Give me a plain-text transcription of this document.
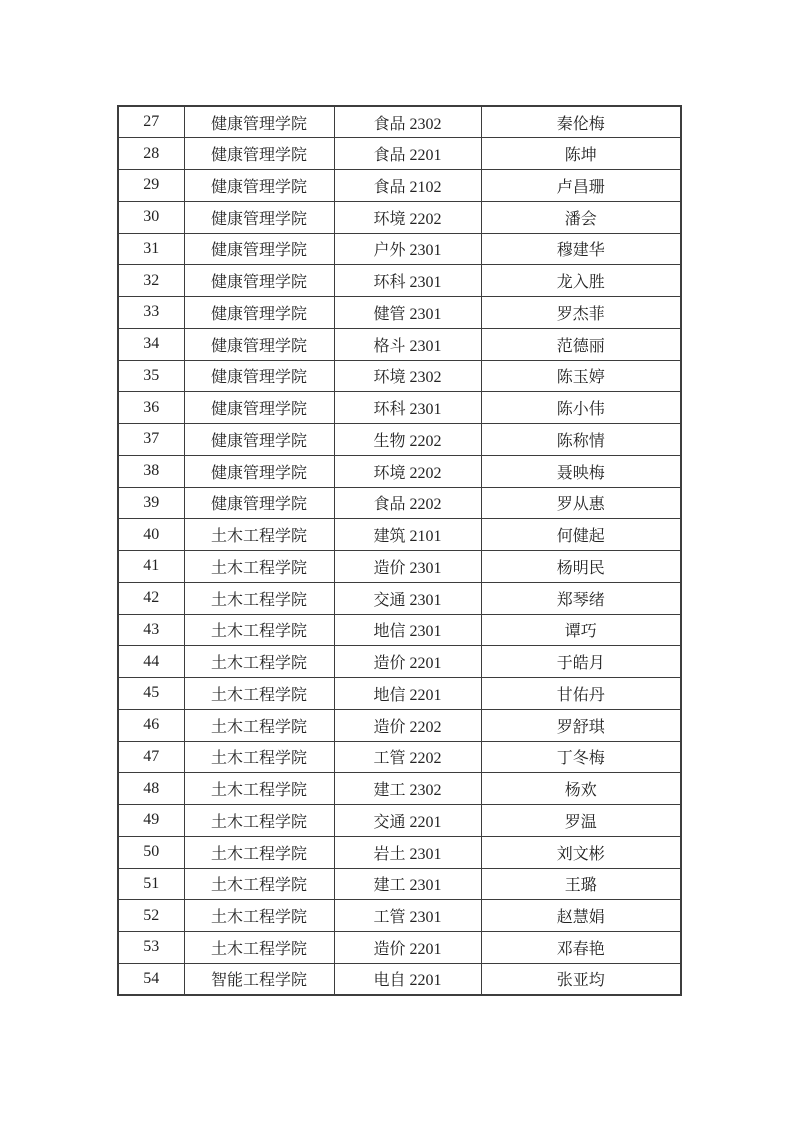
27	健康管理学院	食品 2302	秦伦梅
28	健康管理学院	食品 2201	陈坤
29	健康管理学院	食品 2102	卢昌珊
30	健康管理学院	环境 2202	潘会
31	健康管理学院	户外 2301	穆建华
32	健康管理学院	环科 2301	龙入胜
33	健康管理学院	健管 2301	罗杰菲
34	健康管理学院	格斗 2301	范德丽
35	健康管理学院	环境 2302	陈玉婷
36	健康管理学院	环科 2301	陈小伟
37	健康管理学院	生物 2202	陈称情
38	健康管理学院	环境 2202	聂映梅
39	健康管理学院	食品 2202	罗从惠
40	土木工程学院	建筑 2101	何健起
41	土木工程学院	造价 2301	杨明民
42	土木工程学院	交通 2301	郑琴绪
43	土木工程学院	地信 2301	谭巧
44	土木工程学院	造价 2201	于皓月
45	土木工程学院	地信 2201	甘佑丹
46	土木工程学院	造价 2202	罗舒琪
47	土木工程学院	工管 2202	丁冬梅
48	土木工程学院	建工 2302	杨欢
49	土木工程学院	交通 2201	罗温
50	土木工程学院	岩土 2301	刘文彬
51	土木工程学院	建工 2301	王璐
52	土木工程学院	工管 2301	赵慧娟
53	土木工程学院	造价 2201	邓春艳
54	智能工程学院	电自 2201	张亚均
